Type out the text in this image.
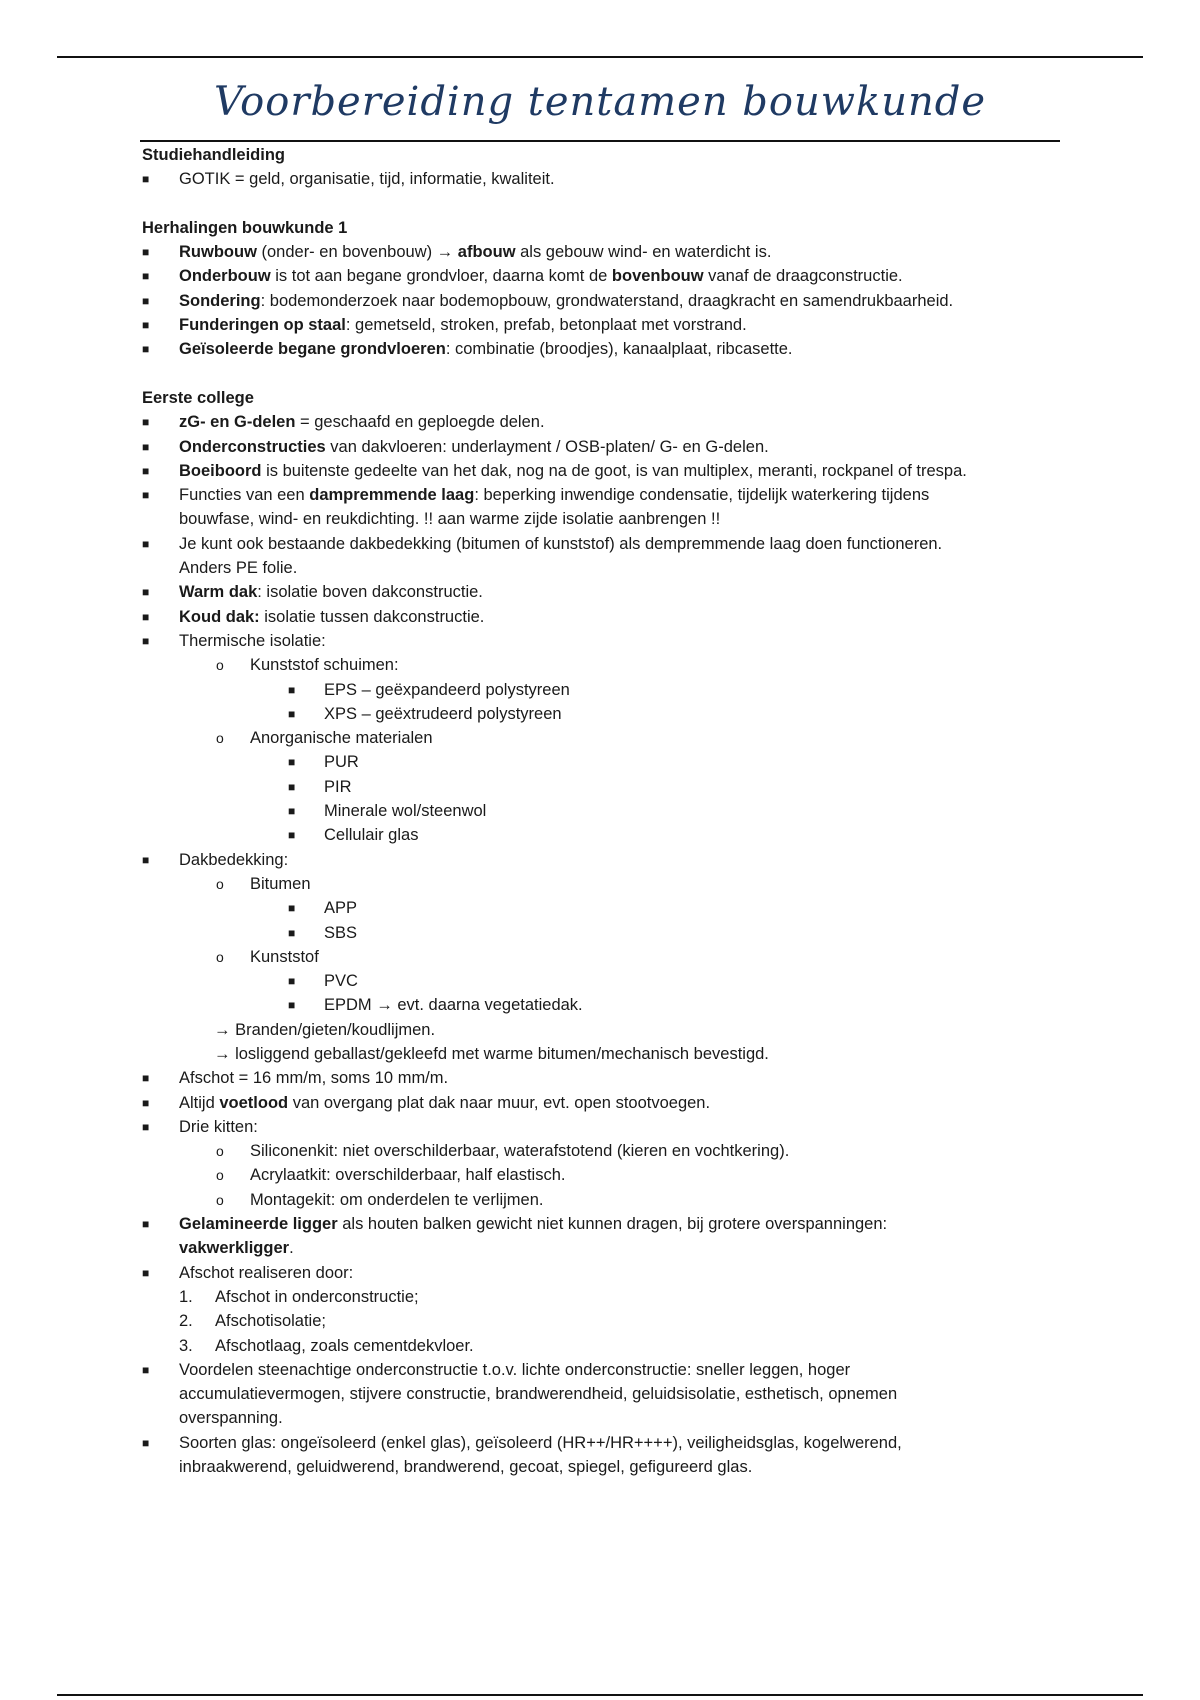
Voorbereiding tentamen bouwkunde
Studiehandleiding
■ GOTIK = geld, organisatie, tijd, informatie, kwaliteit.
Herhalingen bouwkunde 1
■ Ruwbouw (onder- en bovenbouw) → afbouw als gebouw wind- en waterdicht is.
■ Onderbouw is tot aan begane grondvloer, daarna komt de bovenbouw vanaf de draagconstructie.
■ Sondering: bodemonderzoek naar bodemopbouw, grondwaterstand, draagkracht en samendrukbaarheid.
■ Funderingen op staal: gemetseld, stroken, prefab, betonplaat met vorstrand.
■ Geïsoleerde begane grondvloeren: combinatie (broodjes), kanaalplaat, ribcasette.
Eerste college
■ zG- en G-delen = geschaafd en geploegde delen.
■ Onderconstructies van dakvloeren: underlayment / OSB-platen/ G- en G-delen.
■ Boeiboord is buitenste gedeelte van het dak, nog na de goot, is van multiplex, meranti, rockpanel of trespa.
■ Functies van een dampremmende laag: beperking inwendige condensatie, tijdelijk waterkering tijdens
bouwfase, wind- en reukdichting. !! aan warme zijde isolatie aanbrengen !!
■ Je kunt ook bestaande dakbedekking (bitumen of kunststof) als dempremmende laag doen functioneren.
Anders PE folie.
■ Warm dak: isolatie boven dakconstructie.
■ Koud dak: isolatie tussen dakconstructie.
■ Thermische isolatie:
o Kunststof schuimen:
■ EPS – geëxpandeerd polystyreen
■ XPS – geëxtrudeerd polystyreen
o Anorganische materialen
■ PUR
■ PIR
■ Minerale wol/steenwol
■ Cellulair glas
■ Dakbedekking:
o Bitumen
■ APP
■ SBS
o Kunststof
■ PVC
■ EPDM → evt. daarna vegetatiedak.
→ Branden/gieten/koudlijmen.
→ losliggend geballast/gekleefd met warme bitumen/mechanisch bevestigd.
■ Afschot = 16 mm/m, soms 10 mm/m.
■ Altijd voetlood van overgang plat dak naar muur, evt. open stootvoegen.
■ Drie kitten:
o Siliconenkit: niet overschilderbaar, waterafstotend (kieren en vochtkering).
o Acrylaatkit: overschilderbaar, half elastisch.
o Montagekit: om onderdelen te verlijmen.
■ Gelamineerde ligger als houten balken gewicht niet kunnen dragen, bij grotere overspanningen:
vakwerkligger.
■ Afschot realiseren door:
1. Afschot in onderconstructie;
2. Afschotisolatie;
3. Afschotlaag, zoals cementdekvloer.
■ Voordelen steenachtige onderconstructie t.o.v. lichte onderconstructie: sneller leggen, hoger
accumulatievermogen, stijvere constructie, brandwerendheid, geluidsisolatie, esthetisch, opnemen
overspanning.
■ Soorten glas: ongeïsoleerd (enkel glas), geïsoleerd (HR++/HR++++), veiligheidsglas, kogelwerend,
inbraakwerend, geluidwerend, brandwerend, gecoat, spiegel, gefigureerd glas.
